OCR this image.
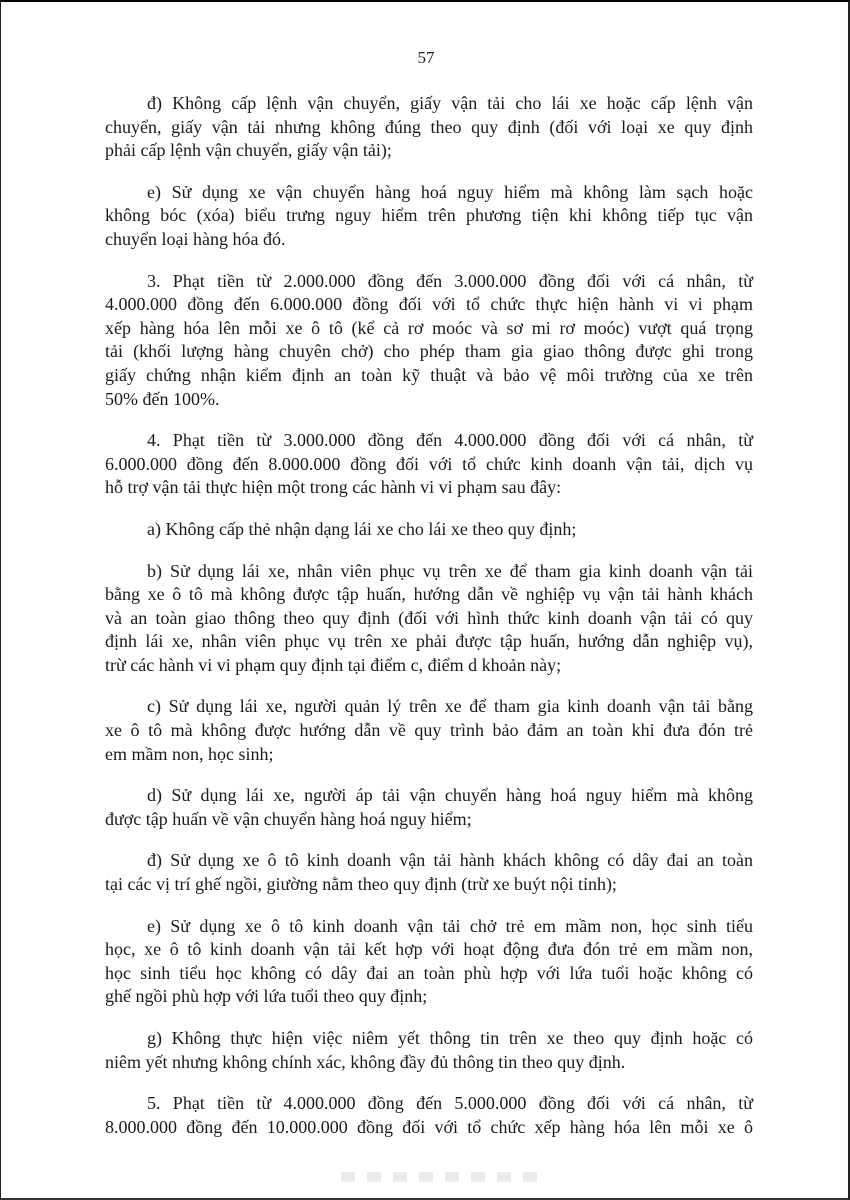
57

đ) Không cấp lệnh vận chuyển, giấy vận tải cho lái xe hoặc cấp lệnh vận
chuyển, giấy vận tải nhưng không đúng theo quy định (đối với loại xe quy định
phải cấp lệnh vận chuyển, giấy vận tải);

e) Sử dụng xe vận chuyển hàng hoá nguy hiểm mà không làm sạch hoặc
không bóc (xóa) biểu trưng nguy hiểm trên phương tiện khi không tiếp tục vận
chuyển loại hàng hóa đó.

3. Phạt tiền từ 2.000.000 đồng đến 3.000.000 đồng đối với cá nhân, từ
4.000.000 đồng đến 6.000.000 đồng đối với tổ chức thực hiện hành vi vi phạm
xếp hàng hóa lên mỗi xe ô tô (kể cả rơ moóc và sơ mi rơ moóc) vượt quá trọng
tải (khối lượng hàng chuyên chở) cho phép tham gia giao thông được ghi trong
giấy chứng nhận kiểm định an toàn kỹ thuật và bảo vệ môi trường của xe trên
50% đến 100%.

4. Phạt tiền từ 3.000.000 đồng đến 4.000.000 đồng đối với cá nhân, từ
6.000.000 đồng đến 8.000.000 đồng đối với tổ chức kinh doanh vận tải, dịch vụ
hỗ trợ vận tải thực hiện một trong các hành vi vi phạm sau đây:

a) Không cấp thẻ nhận dạng lái xe cho lái xe theo quy định;

b) Sử dụng lái xe, nhân viên phục vụ trên xe để tham gia kinh doanh vận tải
bằng xe ô tô mà không được tập huấn, hướng dẫn về nghiệp vụ vận tải hành khách
và an toàn giao thông theo quy định (đối với hình thức kinh doanh vận tải có quy
định lái xe, nhân viên phục vụ trên xe phải được tập huấn, hướng dẫn nghiệp vụ),
trừ các hành vi vi phạm quy định tại điểm c, điểm d khoản này;

c) Sử dụng lái xe, người quản lý trên xe để tham gia kinh doanh vận tải bằng
xe ô tô mà không được hướng dẫn về quy trình bảo đảm an toàn khi đưa đón trẻ
em mầm non, học sinh;

d) Sử dụng lái xe, người áp tải vận chuyển hàng hoá nguy hiểm mà không
được tập huấn về vận chuyển hàng hoá nguy hiểm;

đ) Sử dụng xe ô tô kinh doanh vận tải hành khách không có dây đai an toàn
tại các vị trí ghế ngồi, giường nằm theo quy định (trừ xe buýt nội tỉnh);

e) Sử dụng xe ô tô kinh doanh vận tải chở trẻ em mầm non, học sinh tiểu
học, xe ô tô kinh doanh vận tải kết hợp với hoạt động đưa đón trẻ em mầm non,
học sinh tiểu học không có dây đai an toàn phù hợp với lứa tuổi hoặc không có
ghế ngồi phù hợp với lứa tuổi theo quy định;

g) Không thực hiện việc niêm yết thông tin trên xe theo quy định hoặc có
niêm yết nhưng không chính xác, không đầy đủ thông tin theo quy định.

5. Phạt tiền từ 4.000.000 đồng đến 5.000.000 đồng đối với cá nhân, từ
8.000.000 đồng đến 10.000.000 đồng đối với tổ chức xếp hàng hóa lên mỗi xe ô
